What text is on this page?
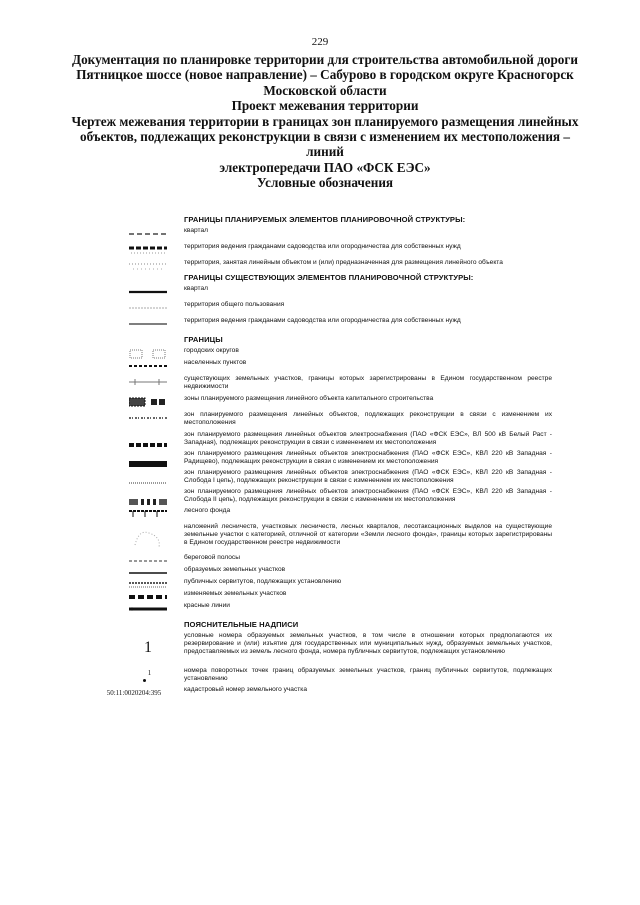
229
Документация по планировке территории для строительства автомобильной дороги
Пятницкое шоссе (новое направление) – Сабурово в городском округе Красногорск
Московской области
Проект межевания территории
Чертеж межевания территории в границах зон планируемого размещения линейных
объектов, подлежащих реконструкции в связи с изменением их местоположения – линий
электропередачи ПАО «ФСК ЕЭС»
Условные обозначения
ГРАНИЦЫ ПЛАНИРУЕМЫХ ЭЛЕМЕНТОВ ПЛАНИРОВОЧНОЙ СТРУКТУРЫ:
квартал
территория ведения гражданами садоводства или огородничества для собственных нужд
территория, занятая линейным объектом и (или) предназначенная для размещения линейного объекта
ГРАНИЦЫ СУЩЕСТВУЮЩИХ ЭЛЕМЕНТОВ ПЛАНИРОВОЧНОЙ СТРУКТУРЫ:
квартал
территория общего пользования
территория ведения гражданами садоводства или огородничества для собственных нужд
ГРАНИЦЫ
городских округов
населенных пунктов
существующих земельных участков, границы которых зарегистрированы в Едином государственном реестре недвижимости
зоны планируемого размещения линейного объекта капитального строительства
зон планируемого размещения линейных объектов, подлежащих реконструкции в связи с изменением их местоположения
зон планируемого размещения линейных объектов электроснабжения (ПАО «ФСК ЕЭС», ВЛ 500 кВ Белый Раст - Западная), подлежащих реконструкции в связи с изменением их местоположения
зон планируемого размещения линейных объектов электроснабжения (ПАО «ФСК ЕЭС», КВЛ 220 кВ Западная - Радищево), подлежащих реконструкции в связи с изменением их местоположения
зон планируемого размещения линейных объектов электроснабжения (ПАО «ФСК ЕЭС», КВЛ 220 кВ Западная - Слобода I цепь), подлежащих реконструкции в связи с изменением их местоположения
зон планируемого размещения линейных объектов электроснабжения (ПАО «ФСК ЕЭС», КВЛ 220 кВ Западная - Слобода II цепь), подлежащих реконструкции в связи с изменением их местоположения
лесного фонда
наложений лесничеств, участковых лесничеств, лесных кварталов, лесотаксационных выделов на существующие земельные участки с категорией, отличной от категории «Земли лесного фонда», границы которых зарегистрированы в Едином государственном реестре недвижимости
береговой полосы
образуемых земельных участков
публичных сервитутов, подлежащих установлению
изменяемых земельных участков
красные линии
ПОЯСНИТЕЛЬНЫЕ НАДПИСИ
1
условные номера образуемых земельных участков, в том числе в отношении которых предполагаются их резервирование и (или) изъятие для государственных или муниципальных нужд, образуемых земельных участков, предоставляемых из земель лесного фонда, номера публичных сервитутов, подлежащих установлению
1	номера поворотных точек границ образуемых земельных участков, границ публичных сервитутов, подлежащих установлению
50:11:0020204:395	кадастровый номер земельного участка
